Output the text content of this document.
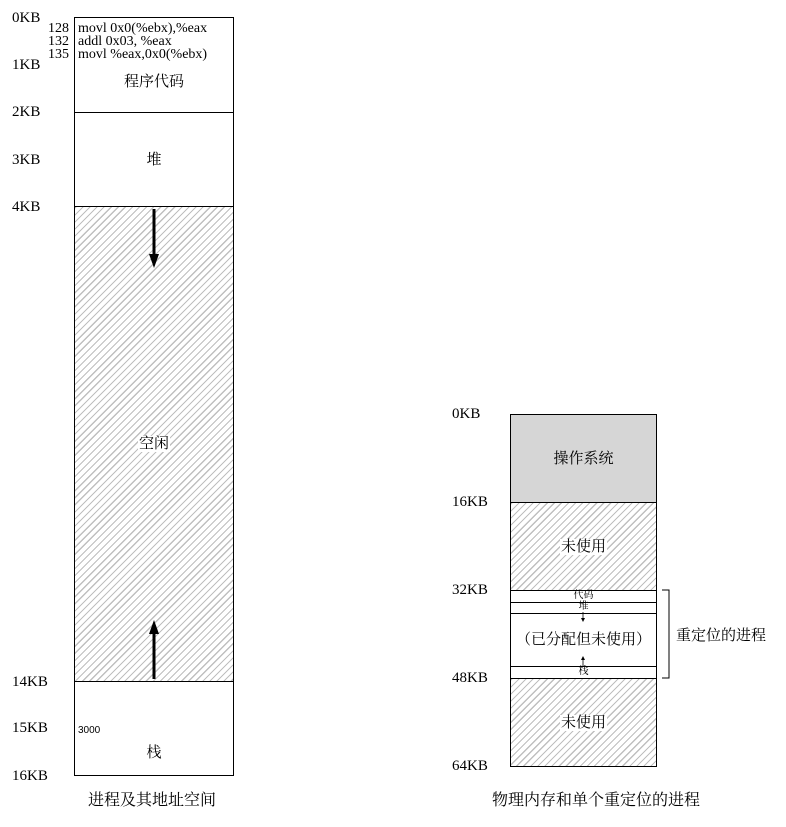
0KB
1KB
2KB
3KB
4KB
14KB
15KB
16KB
128
132
135
movl 0x0(%ebx),%eax
addl 0x03, %eax
movl %eax,0x0(%ebx)
程序代码
堆
空闲
3000
栈
进程及其地址空间
0KB
16KB
32KB
48KB
64KB
操作系统
未使用
代码
堆
（已分配但未使用）
栈
未使用
重定位的进程
物理内存和单个重定位的进程
